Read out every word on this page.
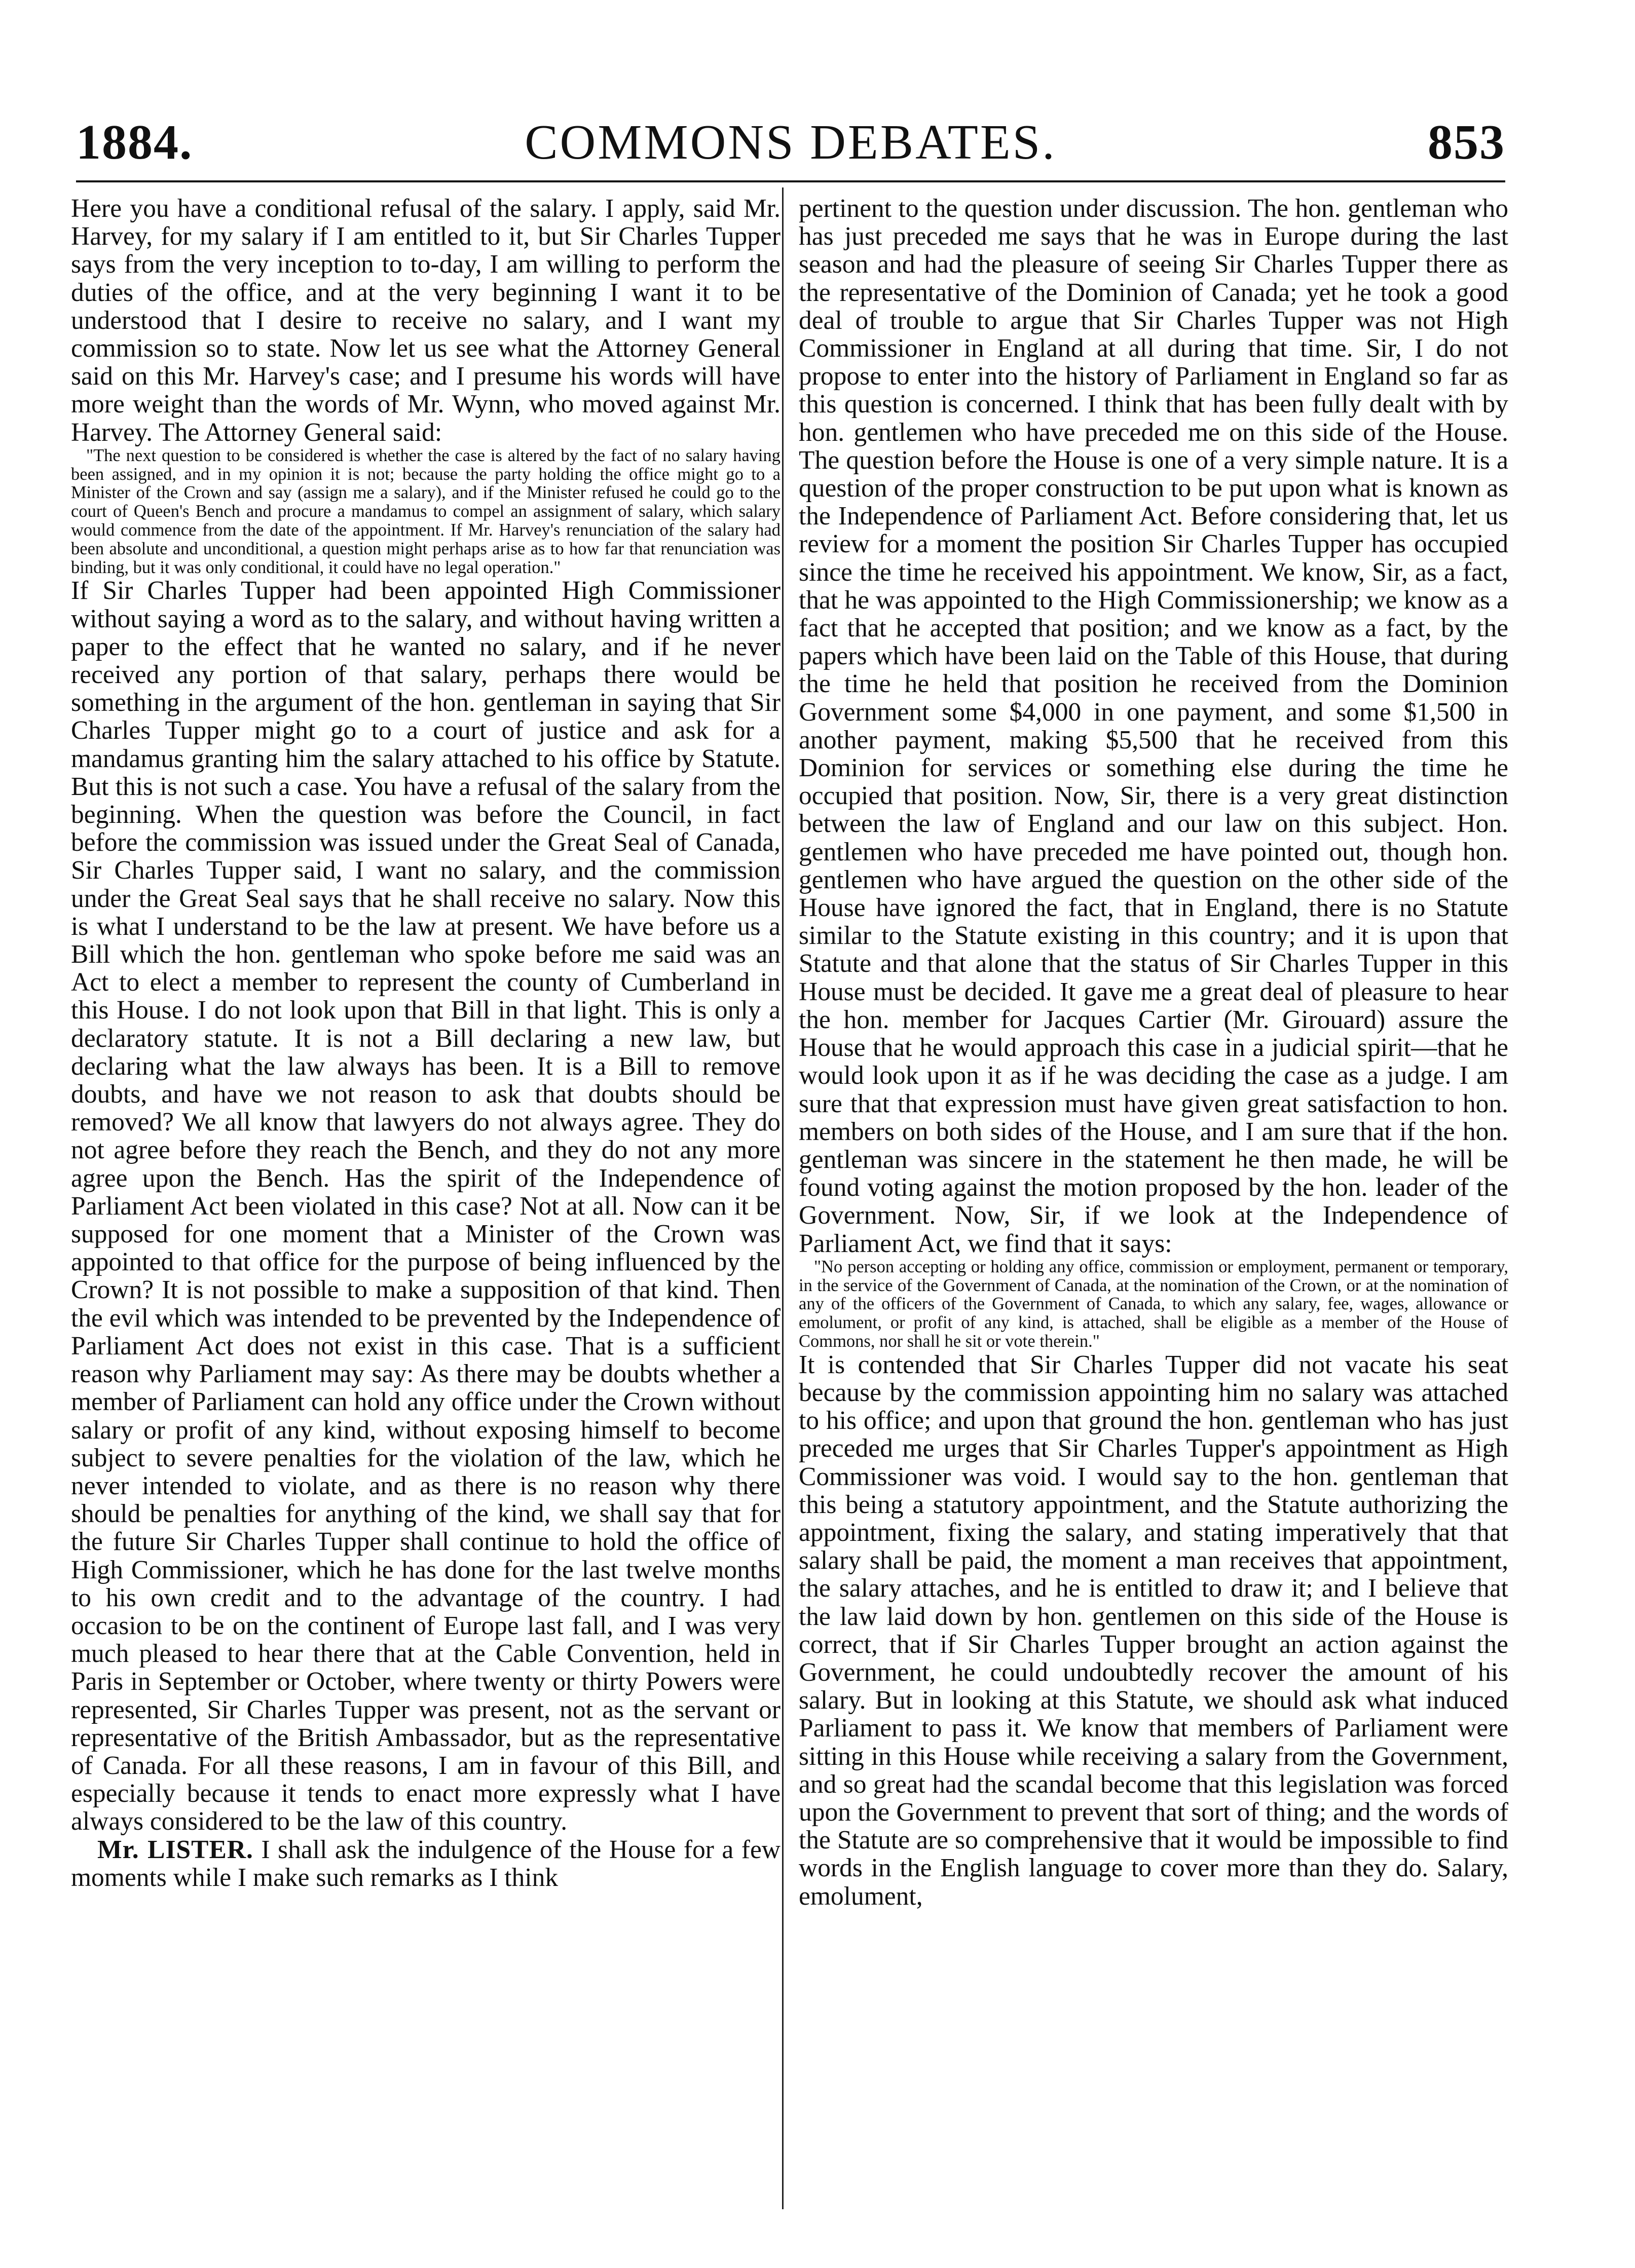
1884.	COMMONS DEBATES.	853

Here you have a conditional refusal of the salary. I apply, said Mr. Harvey, for my salary if I am entitled to it, but Sir Charles Tupper says from the very inception to to-day, I am willing to perform the duties of the office, and at the very beginning I want it to be understood that I desire to receive no salary, and I want my commission so to state. Now let us see what the Attorney General said on this Mr. Harvey's case; and I presume his words will have more weight than the words of Mr. Wynn, who moved against Mr. Harvey. The Attorney General said:

"The next question to be considered is whether the case is altered by the fact of no salary having been assigned, and in my opinion it is not; because the party holding the office might go to a Minister of the Crown and say (assign me a salary), and if the Minister refused he could go to the court of Queen's Bench and procure a mandamus to compel an assignment of salary, which salary would commence from the date of the appointment. If Mr. Harvey's renunciation of the salary had been absolute and unconditional, a question might perhaps arise as to how far that renunciation was binding, but it was only conditional, it could have no legal operation."

If Sir Charles Tupper had been appointed High Commissioner without saying a word as to the salary, and without having written a paper to the effect that he wanted no salary, and if he never received any portion of that salary, perhaps there would be something in the argument of the hon. gentleman in saying that Sir Charles Tupper might go to a court of justice and ask for a mandamus granting him the salary attached to his office by Statute. But this is not such a case. You have a refusal of the salary from the beginning. When the question was before the Council, in fact before the commission was issued under the Great Seal of Canada, Sir Charles Tupper said, I want no salary, and the commission under the Great Seal says that he shall receive no salary. Now this is what I understand to be the law at present. We have before us a Bill which the hon. gentleman who spoke before me said was an Act to elect a member to represent the county of Cumberland in this House. I do not look upon that Bill in that light. This is only a declaratory statute. It is not a Bill declaring a new law, but declaring what the law always has been. It is a Bill to remove doubts, and have we not reason to ask that doubts should be removed? We all know that lawyers do not always agree. They do not agree before they reach the Bench, and they do not any more agree upon the Bench. Has the spirit of the Independence of Parliament Act been violated in this case? Not at all. Now can it be supposed for one moment that a Minister of the Crown was appointed to that office for the purpose of being influenced by the Crown? It is not possible to make a supposition of that kind. Then the evil which was intended to be prevented by the Independence of Parliament Act does not exist in this case. That is a sufficient reason why Parliament may say: As there may be doubts whether a member of Parliament can hold any office under the Crown without salary or profit of any kind, without exposing himself to become subject to severe penalties for the violation of the law, which he never intended to violate, and as there is no reason why there should be penalties for anything of the kind, we shall say that for the future Sir Charles Tupper shall continue to hold the office of High Commissioner, which he has done for the last twelve months to his own credit and to the advantage of the country. I had occasion to be on the continent of Europe last fall, and I was very much pleased to hear there that at the Cable Convention, held in Paris in September or October, where twenty or thirty Powers were represented, Sir Charles Tupper was present, not as the servant or representative of the British Ambassador, but as the representative of Canada. For all these reasons, I am in favour of this Bill, and especially because it tends to enact more expressly what I have always considered to be the law of this country.

Mr. LISTER. I shall ask the indulgence of the House for a few moments while I make such remarks as I think

pertinent to the question under discussion. The hon. gentleman who has just preceded me says that he was in Europe during the last season and had the pleasure of seeing Sir Charles Tupper there as the representative of the Dominion of Canada; yet he took a good deal of trouble to argue that Sir Charles Tupper was not High Commissioner in England at all during that time. Sir, I do not propose to enter into the history of Parliament in England so far as this question is concerned. I think that has been fully dealt with by hon. gentlemen who have preceded me on this side of the House. The question before the House is one of a very simple nature. It is a question of the proper construction to be put upon what is known as the Independence of Parliament Act. Before considering that, let us review for a moment the position Sir Charles Tupper has occupied since the time he received his appointment. We know, Sir, as a fact, that he was appointed to the High Commissionership; we know as a fact that he accepted that position; and we know as a fact, by the papers which have been laid on the Table of this House, that during the time he held that position he received from the Dominion Government some $4,000 in one payment, and some $1,500 in another payment, making $5,500 that he received from this Dominion for services or something else during the time he occupied that position. Now, Sir, there is a very great distinction between the law of England and our law on this subject. Hon. gentlemen who have preceded me have pointed out, though hon. gentlemen who have argued the question on the other side of the House have ignored the fact, that in England, there is no Statute similar to the Statute existing in this country; and it is upon that Statute and that alone that the status of Sir Charles Tupper in this House must be decided. It gave me a great deal of pleasure to hear the hon. member for Jacques Cartier (Mr. Girouard) assure the House that he would approach this case in a judicial spirit—that he would look upon it as if he was deciding the case as a judge. I am sure that that expression must have given great satisfaction to hon. members on both sides of the House, and I am sure that if the hon. gentleman was sincere in the statement he then made, he will be found voting against the motion proposed by the hon. leader of the Government. Now, Sir, if we look at the Independence of Parliament Act, we find that it says:

"No person accepting or holding any office, commission or employment, permanent or temporary, in the service of the Government of Canada, at the nomination of the Crown, or at the nomination of any of the officers of the Government of Canada, to which any salary, fee, wages, allowance or emolument, or profit of any kind, is attached, shall be eligible as a member of the House of Commons, nor shall he sit or vote therein."

It is contended that Sir Charles Tupper did not vacate his seat because by the commission appointing him no salary was attached to his office; and upon that ground the hon. gentleman who has just preceded me urges that Sir Charles Tupper's appointment as High Commissioner was void. I would say to the hon. gentleman that this being a statutory appointment, and the Statute authorizing the appointment, fixing the salary, and stating imperatively that that salary shall be paid, the moment a man receives that appointment, the salary attaches, and he is entitled to draw it; and I believe that the law laid down by hon. gentlemen on this side of the House is correct, that if Sir Charles Tupper brought an action against the Government, he could undoubtedly recover the amount of his salary. But in looking at this Statute, we should ask what induced Parliament to pass it. We know that members of Parliament were sitting in this House while receiving a salary from the Government, and so great had the scandal become that this legislation was forced upon the Government to prevent that sort of thing; and the words of the Statute are so comprehensive that it would be impossible to find words in the English language to cover more than they do. Salary, emolument,
